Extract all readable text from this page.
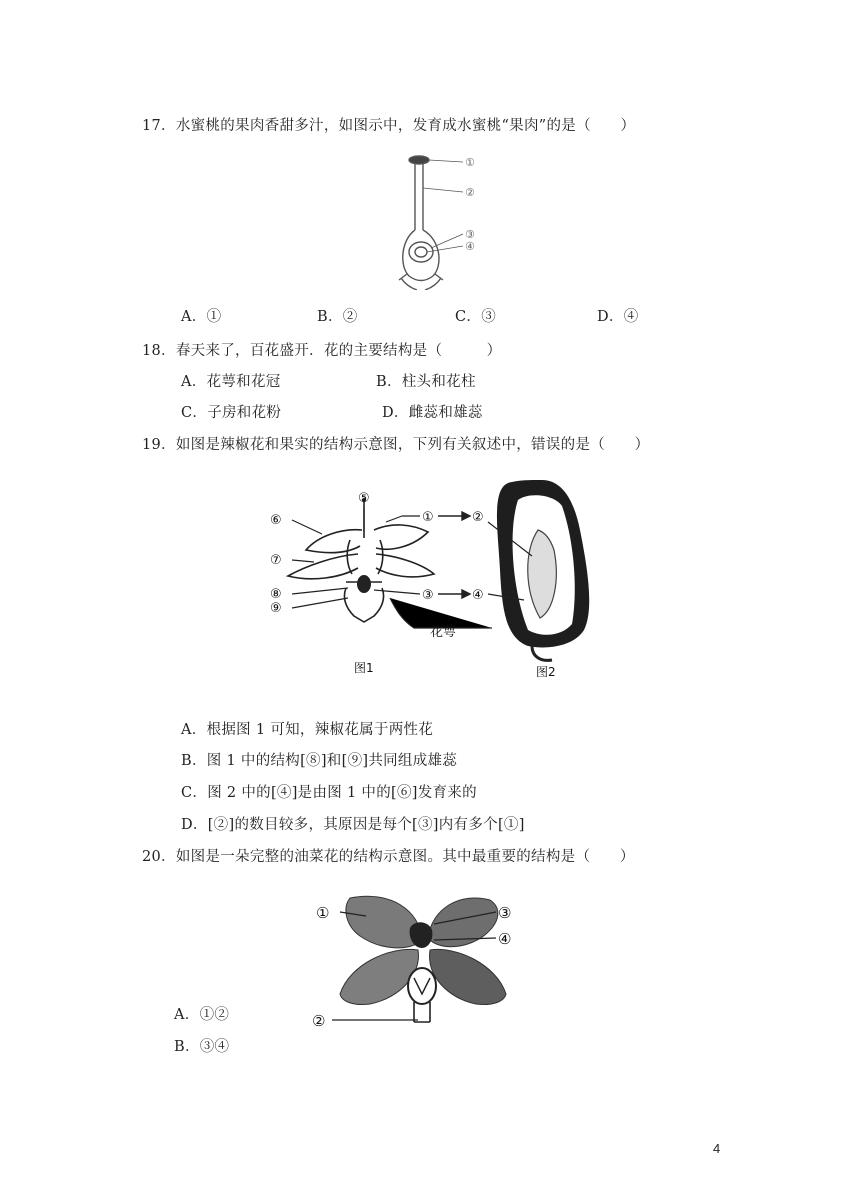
17．水蜜桃的果肉香甜多汁，如图示中，发育成水蜜桃“果肉”的是（　　）
①
②
③
④
A．①	B．②	C．③	D．④
18．春天来了，百花盛开．花的主要结构是（　　　）
A．花萼和花冠	B．柱头和花柱
C．子房和花粉	D．雌蕊和雄蕊
19．如图是辣椒花和果实的结构示意图，下列有关叙述中，错误的是（　　）
⑤
⑥
⑦
⑧
⑨
①	②
③	④
花萼
图1	图2
A．根据图 1 可知，辣椒花属于两性花
B．图 1 中的结构[⑧]和[⑨]共同组成雄蕊
C．图 2 中的[④]是由图 1 中的[⑥]发育来的
D．[②]的数目较多，其原因是每个[③]内有多个[①]
20．如图是一朵完整的油菜花的结构示意图。其中最重要的结构是（　　）
①
②
③
④
A．①②
B．③④
4
